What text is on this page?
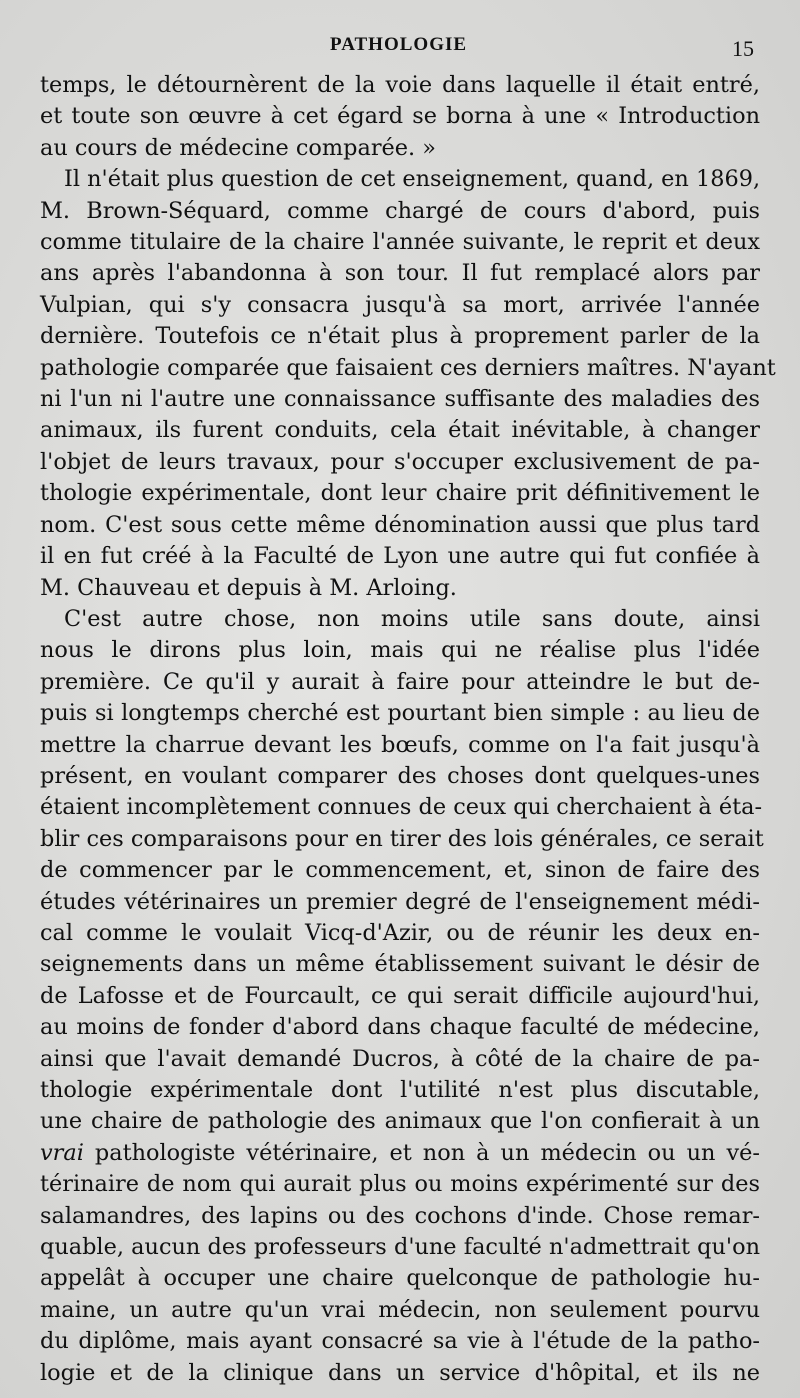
PATHOLOGIE	15

temps, le détournèrent de la voie dans laquelle il était entré,

et toute son œuvre à cet égard se borna à une « Introduction

au cours de médecine comparée. »

Il n'était plus question de cet enseignement, quand, en 1869,

M. Brown-Séquard, comme chargé de cours d'abord, puis

comme titulaire de la chaire l'année suivante, le reprit et deux

ans après l'abandonna à son tour. Il fut remplacé alors par

Vulpian, qui s'y consacra jusqu'à sa mort, arrivée l'année

dernière. Toutefois ce n'était plus à proprement parler de la

pathologie comparée que faisaient ces derniers maîtres. N'ayant

ni l'un ni l'autre une connaissance suffisante des maladies des

animaux, ils furent conduits, cela était inévitable, à changer

l'objet de leurs travaux, pour s'occuper exclusivement de pa-

thologie expérimentale, dont leur chaire prit définitivement le

nom. C'est sous cette même dénomination aussi que plus tard

il en fut créé à la Faculté de Lyon une autre qui fut confiée à

M. Chauveau et depuis à M. Arloing.

C'est autre chose, non moins utile sans doute, ainsi

nous le dirons plus loin, mais qui ne réalise plus l'idée

première. Ce qu'il y aurait à faire pour atteindre le but de-

puis si longtemps cherché est pourtant bien simple : au lieu de

mettre la charrue devant les bœufs, comme on l'a fait jusqu'à

présent, en voulant comparer des choses dont quelques-unes

étaient incomplètement connues de ceux qui cherchaient à éta-

blir ces comparaisons pour en tirer des lois générales, ce serait

de commencer par le commencement, et, sinon de faire des

études vétérinaires un premier degré de l'enseignement médi-

cal comme le voulait Vicq-d'Azir, ou de réunir les deux en-

seignements dans un même établissement suivant le désir de

de Lafosse et de Fourcault, ce qui serait difficile aujourd'hui,

au moins de fonder d'abord dans chaque faculté de médecine,

ainsi que l'avait demandé Ducros, à côté de la chaire de pa-

thologie expérimentale dont l'utilité n'est plus discutable,

une chaire de pathologie des animaux que l'on confierait à un

vrai pathologiste vétérinaire, et non à un médecin ou un vé-

térinaire de nom qui aurait plus ou moins expérimenté sur des

salamandres, des lapins ou des cochons d'inde. Chose remar-

quable, aucun des professeurs d'une faculté n'admettrait qu'on

appelât à occuper une chaire quelconque de pathologie hu-

maine, un autre qu'un vrai médecin, non seulement pourvu

du diplôme, mais ayant consacré sa vie à l'étude de la patho-

logie et de la clinique dans un service d'hôpital, et ils ne
